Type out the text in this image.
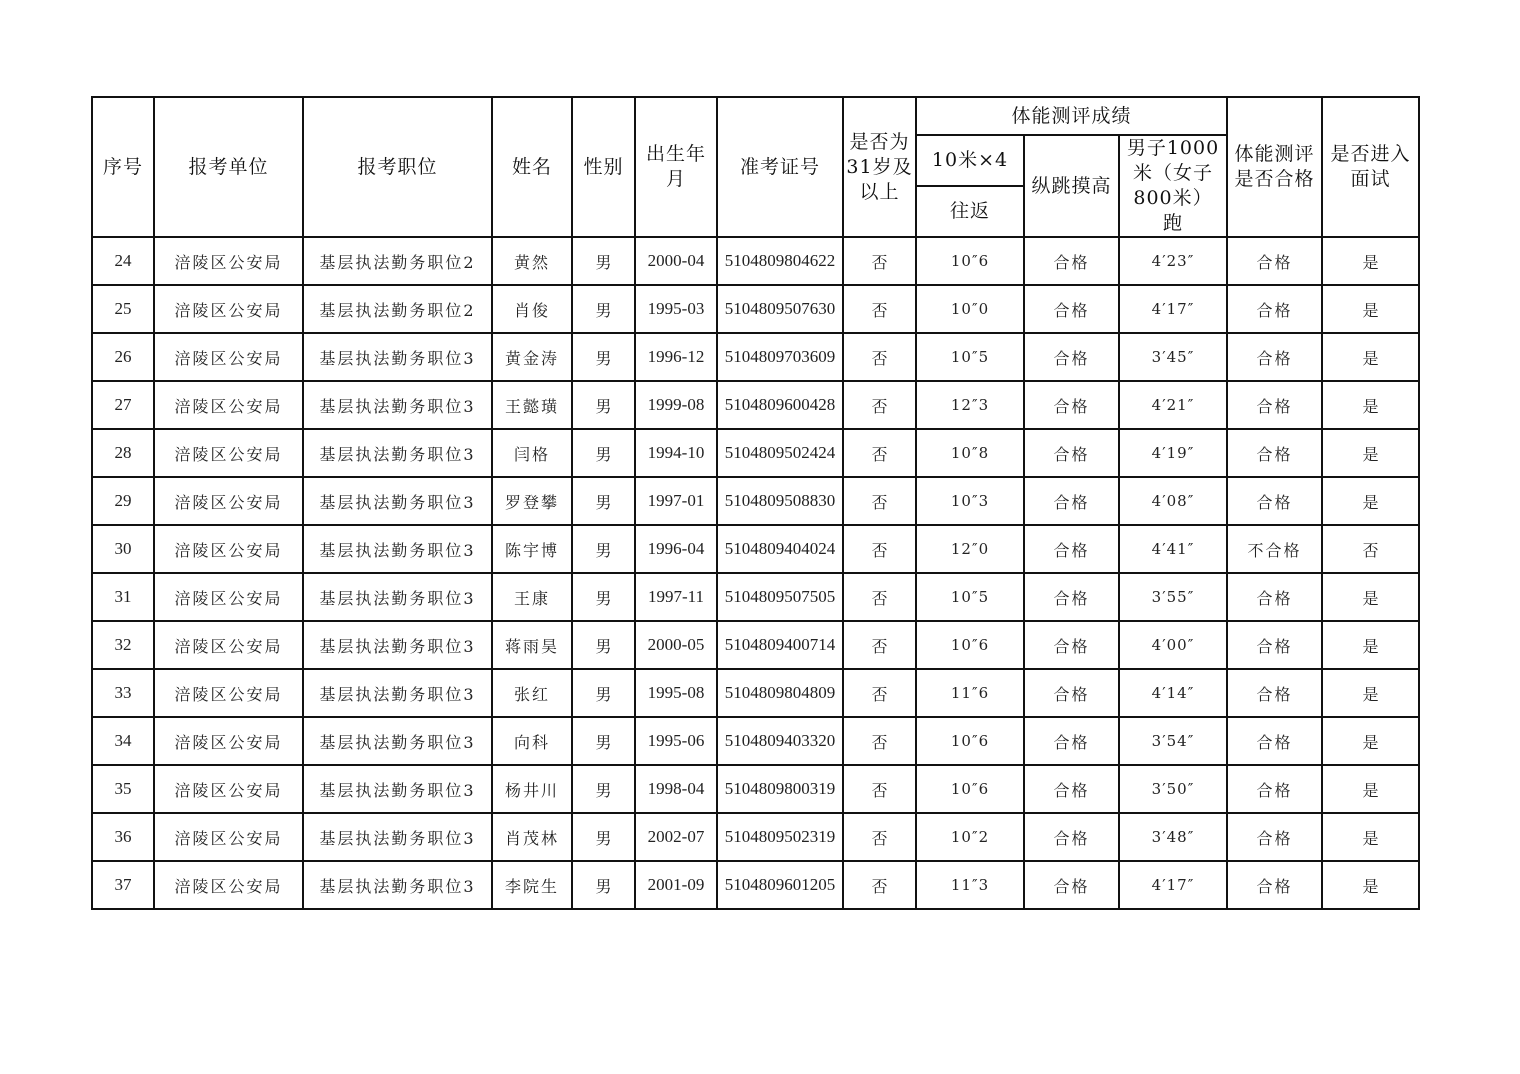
序号	报考单位	报考职位	姓名	性别	出生年月	准考证号	是否为31岁及以上	体能测评成绩			体能测评是否合格	是否进入面试
								10米×4	纵跳摸高	男子1000米（女子800米）跑		
								往返				
24	涪陵区公安局	基层执法勤务职位2	黄然	男	2000-04	5104809804622	否	10″6	合格	4′23″	合格	是
25	涪陵区公安局	基层执法勤务职位2	肖俊	男	1995-03	5104809507630	否	10″0	合格	4′17″	合格	是
26	涪陵区公安局	基层执法勤务职位3	黄金涛	男	1996-12	5104809703609	否	10″5	合格	3′45″	合格	是
27	涪陵区公安局	基层执法勤务职位3	王懿璜	男	1999-08	5104809600428	否	12″3	合格	4′21″	合格	是
28	涪陵区公安局	基层执法勤务职位3	闫格	男	1994-10	5104809502424	否	10″8	合格	4′19″	合格	是
29	涪陵区公安局	基层执法勤务职位3	罗登攀	男	1997-01	5104809508830	否	10″3	合格	4′08″	合格	是
30	涪陵区公安局	基层执法勤务职位3	陈宇博	男	1996-04	5104809404024	否	12″0	合格	4′41″	不合格	否
31	涪陵区公安局	基层执法勤务职位3	王康	男	1997-11	5104809507505	否	10″5	合格	3′55″	合格	是
32	涪陵区公安局	基层执法勤务职位3	蒋雨昊	男	2000-05	5104809400714	否	10″6	合格	4′00″	合格	是
33	涪陵区公安局	基层执法勤务职位3	张红	男	1995-08	5104809804809	否	11″6	合格	4′14″	合格	是
34	涪陵区公安局	基层执法勤务职位3	向科	男	1995-06	5104809403320	否	10″6	合格	3′54″	合格	是
35	涪陵区公安局	基层执法勤务职位3	杨井川	男	1998-04	5104809800319	否	10″6	合格	3′50″	合格	是
36	涪陵区公安局	基层执法勤务职位3	肖茂林	男	2002-07	5104809502319	否	10″2	合格	3′48″	合格	是
37	涪陵区公安局	基层执法勤务职位3	李院生	男	2001-09	5104809601205	否	11″3	合格	4′17″	合格	是
